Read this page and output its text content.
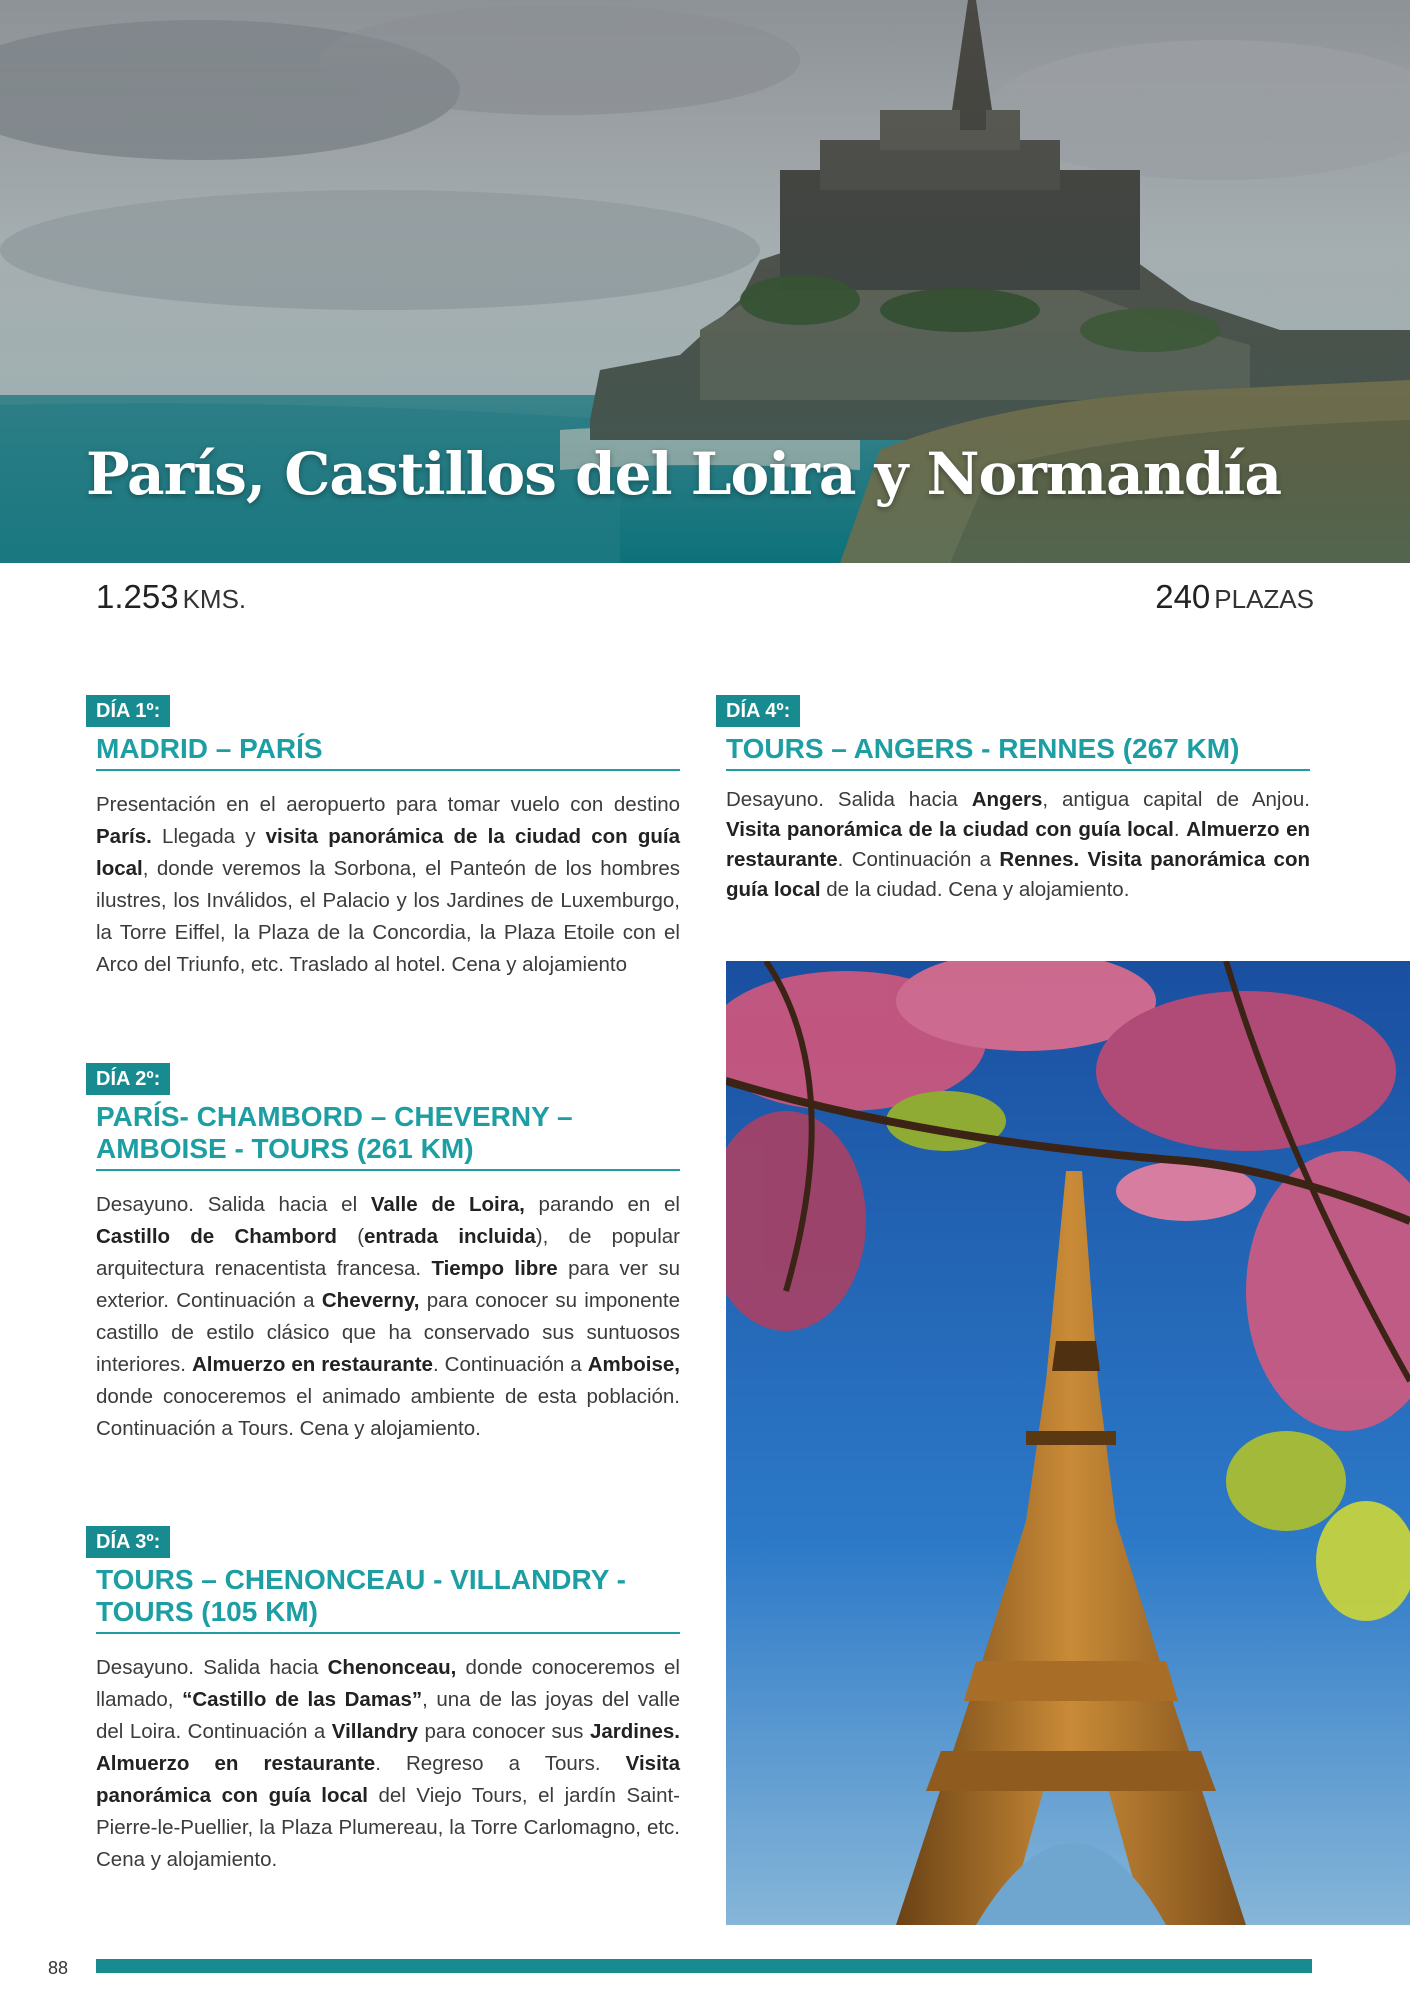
París, Castillos del Loira y Normandía
1.253 KMS.	240 PLAZAS
DÍA 1º:
MADRID – PARÍS
Presentación en el aeropuerto para tomar vuelo con destino París. Llegada y visita panorámica de la ciudad con guía local, donde veremos la Sorbona, el Panteón de los hombres ilustres, los Inválidos, el Palacio y los Jardines de Luxemburgo, la Torre Eiffel, la Plaza de la Concordia, la Plaza Etoile con el Arco del Triunfo, etc. Traslado al hotel. Cena y alojamiento
DÍA 2º:
PARÍS- CHAMBORD – CHEVERNY – AMBOISE - TOURS (261 KM)
Desayuno. Salida hacia el Valle de Loira, parando en el Castillo de Chambord (entrada incluida), de popular arquitectura renacentista francesa. Tiempo libre para ver su exterior. Continuación a Cheverny, para conocer su imponente castillo de estilo clásico que ha conservado sus suntuosos interiores. Almuerzo en restaurante. Continuación a Amboise, donde conoceremos el animado ambiente de esta población. Continuación a Tours. Cena y alojamiento.
DÍA 3º:
TOURS – CHENONCEAU - VILLANDRY - TOURS (105 KM)
Desayuno. Salida hacia Chenonceau, donde conoceremos el llamado, “Castillo de las Damas”, una de las joyas del valle del Loira. Continuación a Villandry para conocer sus Jardines. Almuerzo en restaurante. Regreso a Tours. Visita panorámica con guía local del Viejo Tours, el jardín Saint- Pierre-le-Puellier, la Plaza Plumereau, la Torre Carlomagno, etc. Cena y alojamiento.
DÍA 4º:
TOURS – ANGERS - RENNES (267 KM)
Desayuno. Salida hacia Angers, antigua capital de Anjou. Visita panorámica de la ciudad con guía local. Almuerzo en restaurante. Continuación a Rennes. Visita panorámica con guía local de la ciudad. Cena y alojamiento.
88
